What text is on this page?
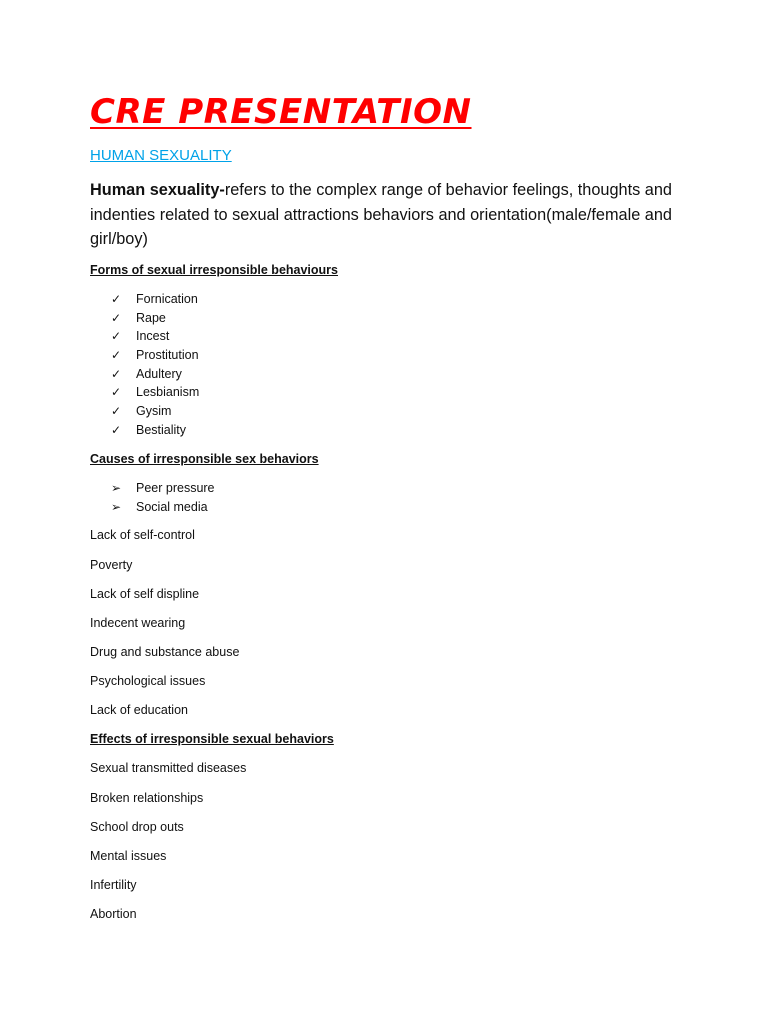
CRE PRESENTATION

HUMAN SEXUALITY

Human sexuality-refers to the complex range of behavior feelings, thoughts and indenties related to sexual attractions behaviors and orientation(male/female and girl/boy)

Forms of sexual irresponsible behaviours

✓	Fornication
✓	Rape
✓	Incest
✓	Prostitution
✓	Adultery
✓	Lesbianism
✓	Gysim
✓	Bestiality

Causes of irresponsible sex behaviors

➢	Peer pressure
➢	Social media

Lack of self-control

Poverty

Lack of self displine

Indecent wearing

Drug and substance abuse

Psychological issues

Lack of education

Effects of irresponsible sexual behaviors

Sexual transmitted diseases

Broken relationships

School drop outs

Mental issues

Infertility

Abortion
